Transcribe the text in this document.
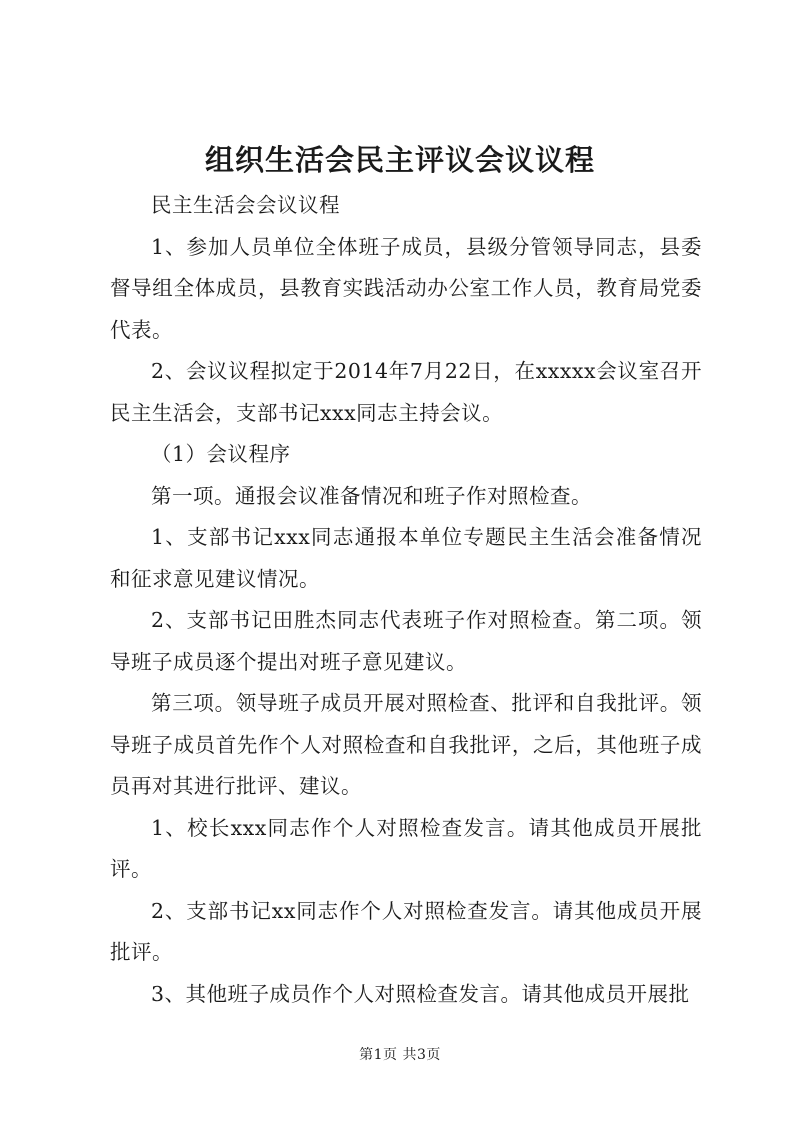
组织生活会民主评议会议议程

民主生活会会议议程

1、参加人员单位全体班子成员，县级分管领导同志，县委督导组全体成员，县教育实践活动办公室工作人员，教育局党委代表。

2、会议议程拟定于2014年7月22日，在xxxxx会议室召开民主生活会，支部书记xxx同志主持会议。

（1）会议程序

第一项。通报会议准备情况和班子作对照检查。

1、支部书记xxx同志通报本单位专题民主生活会准备情况和征求意见建议情况。

2、支部书记田胜杰同志代表班子作对照检查。第二项。领导班子成员逐个提出对班子意见建议。

第三项。领导班子成员开展对照检查、批评和自我批评。领导班子成员首先作个人对照检查和自我批评，之后，其他班子成员再对其进行批评、建议。

1、校长xxx同志作个人对照检查发言。请其他成员开展批评。

2、支部书记xx同志作个人对照检查发言。请其他成员开展批评。

3、其他班子成员作个人对照检查发言。请其他成员开展批

第1页 共3页
